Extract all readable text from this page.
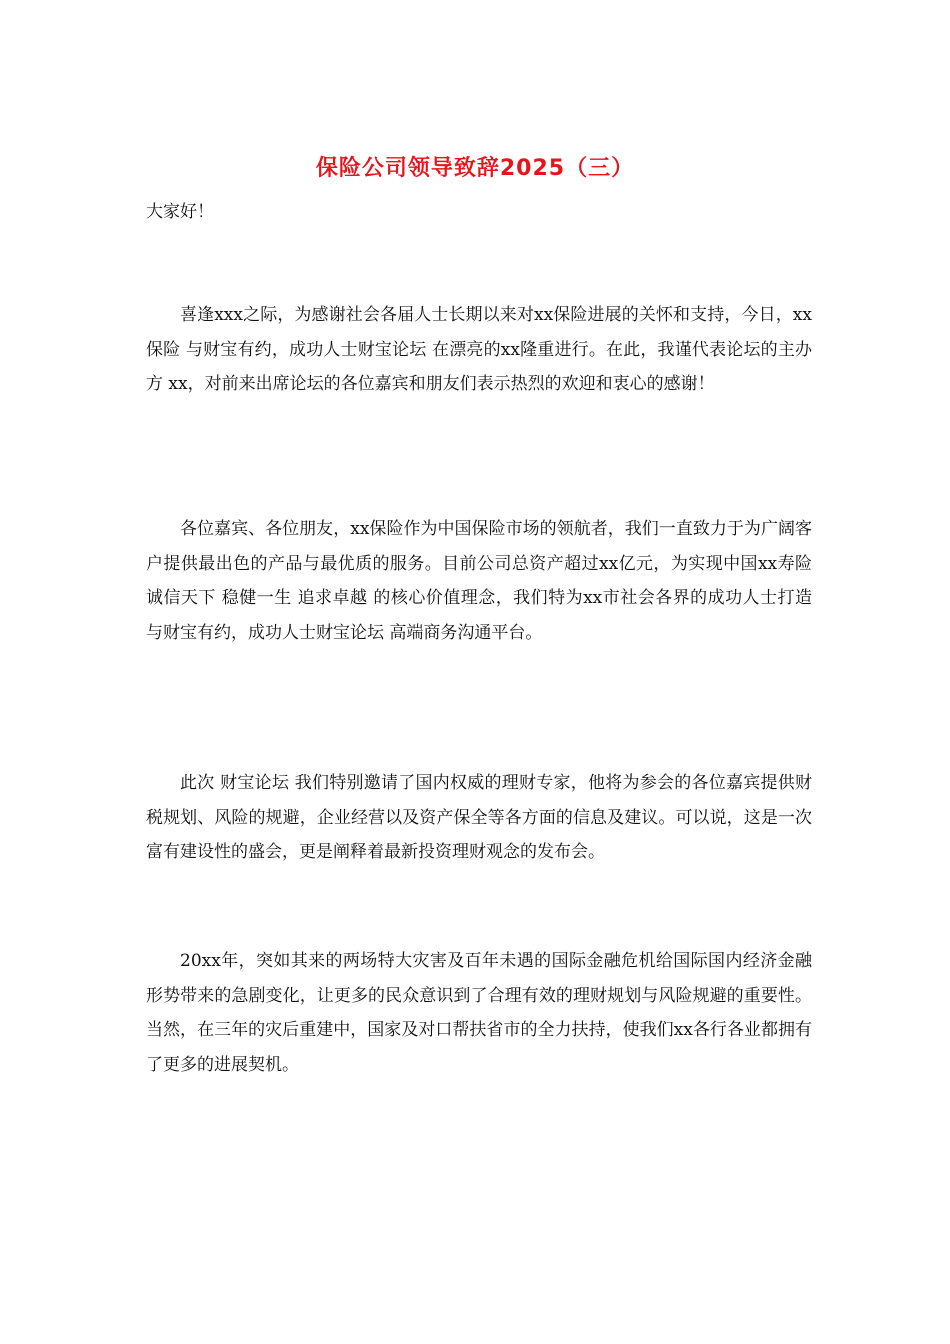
保险公司领导致辞2025（三）
大家好！

喜逢xxx之际，为感谢社会各届人士长期以来对xx保险进展的关怀和支持，今日，xx保险 与财宝有约，成功人士财宝论坛 在漂亮的xx隆重进行。在此，我谨代表论坛的主办方 xx，对前来出席论坛的各位嘉宾和朋友们表示热烈的欢迎和衷心的感谢！

各位嘉宾、各位朋友，xx保险作为中国保险市场的领航者，我们一直致力于为广阔客户提供最出色的产品与最优质的服务。目前公司总资产超过xx亿元，为实现中国xx寿险 诚信天下 稳健一生 追求卓越 的核心价值理念，我们特为xx市社会各界的成功人士打造 与财宝有约，成功人士财宝论坛 高端商务沟通平台。

此次 财宝论坛 我们特别邀请了国内权威的理财专家，他将为参会的各位嘉宾提供财税规划、风险的规避，企业经营以及资产保全等各方面的信息及建议。可以说，这是一次富有建设性的盛会，更是阐释着最新投资理财观念的发布会。

20xx年，突如其来的两场特大灾害及百年未遇的国际金融危机给国际国内经济金融形势带来的急剧变化，让更多的民众意识到了合理有效的理财规划与风险规避的重要性。当然，在三年的灾后重建中，国家及对口帮扶省市的全力扶持，使我们xx各行各业都拥有了更多的进展契机。
